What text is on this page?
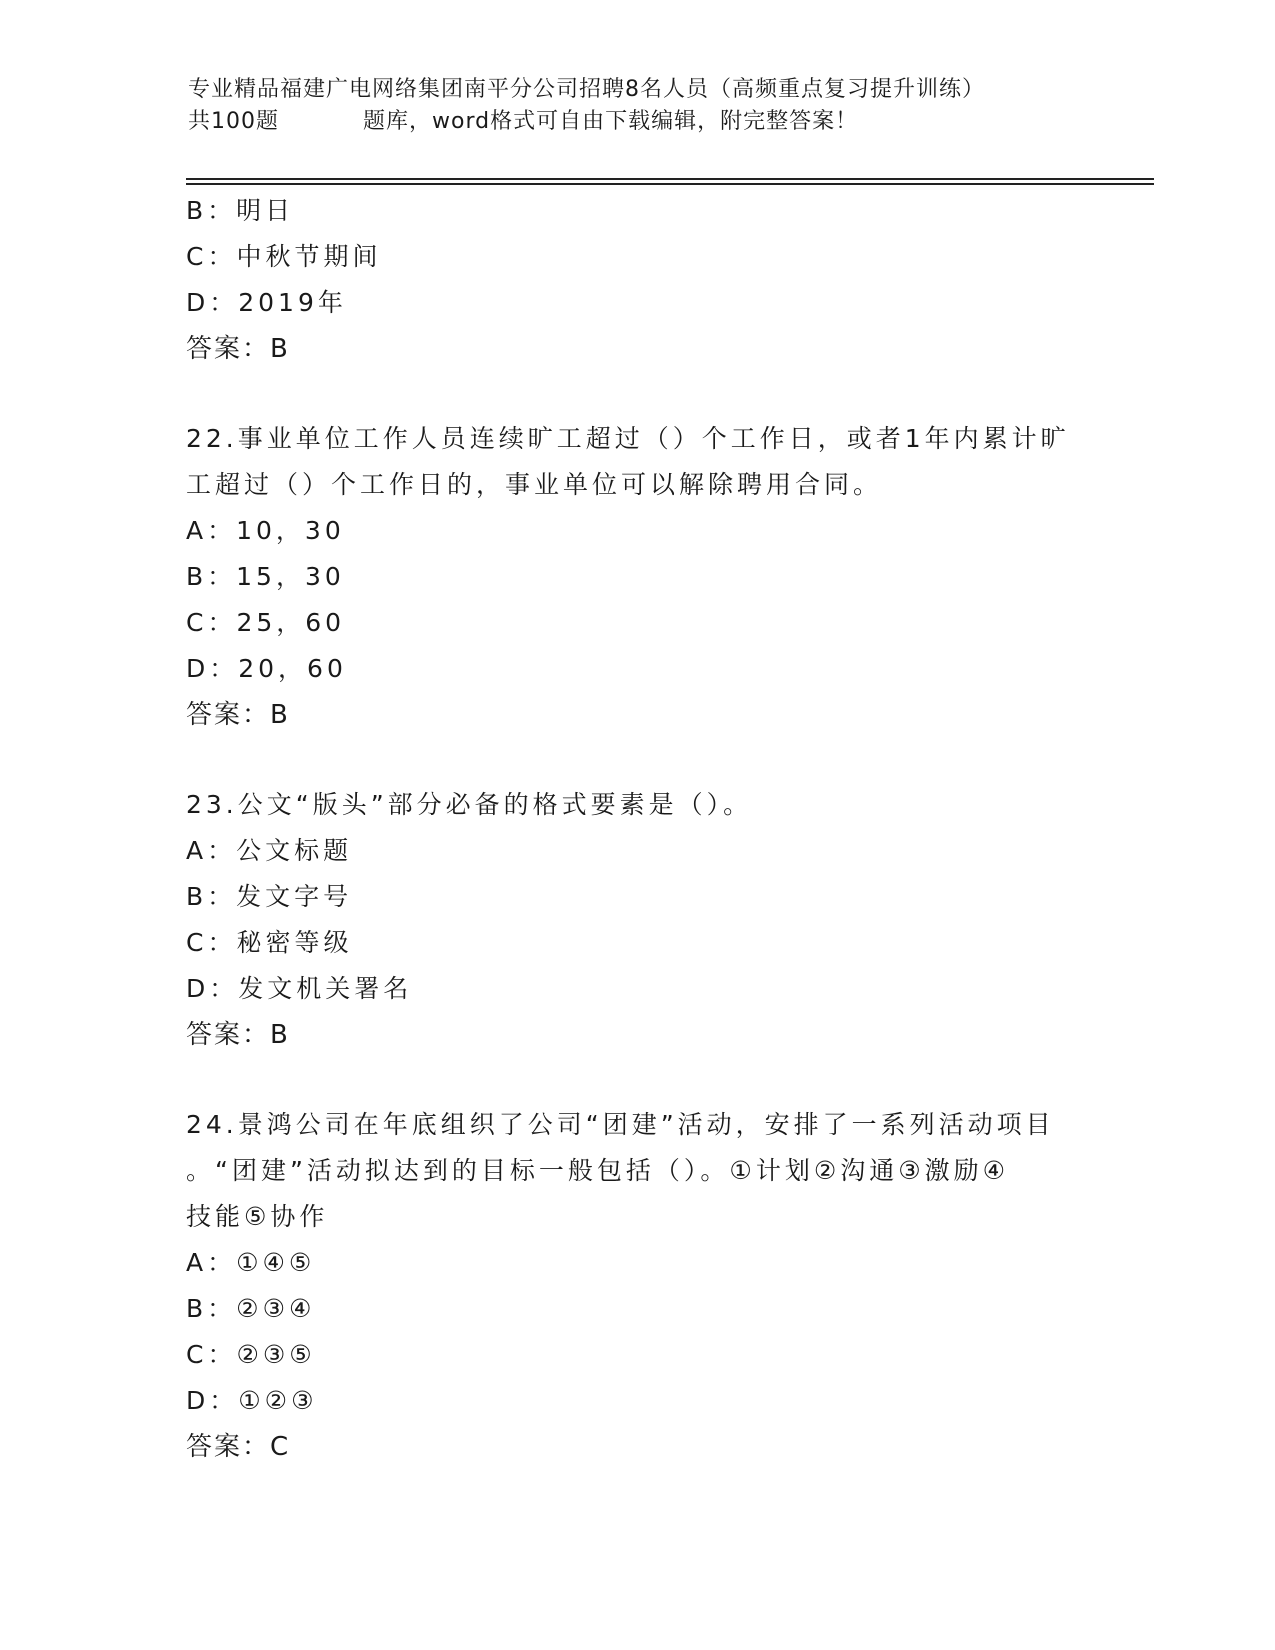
专业精品福建广电网络集团南平分公司招聘8名人员（高频重点复习提升训练）
共100题	题库，word格式可自由下载编辑，附完整答案！
B：明日
C：中秋节期间
D：2019年
答案：B
22.事业单位工作人员连续旷工超过（）个工作日，或者1年内累计旷
工超过（）个工作日的，事业单位可以解除聘用合同。
A：10，30
B：15，30
C：25，60
D：20，60
答案：B
23.公文“版头”部分必备的格式要素是（）。
A：公文标题
B：发文字号
C：秘密等级
D：发文机关署名
答案：B
24.景鸿公司在年底组织了公司“团建”活动，安排了一系列活动项目
。“团建”活动拟达到的目标一般包括（）。①计划②沟通③激励④
技能⑤协作
A：①④⑤
B：②③④
C：②③⑤
D：①②③
答案：C
